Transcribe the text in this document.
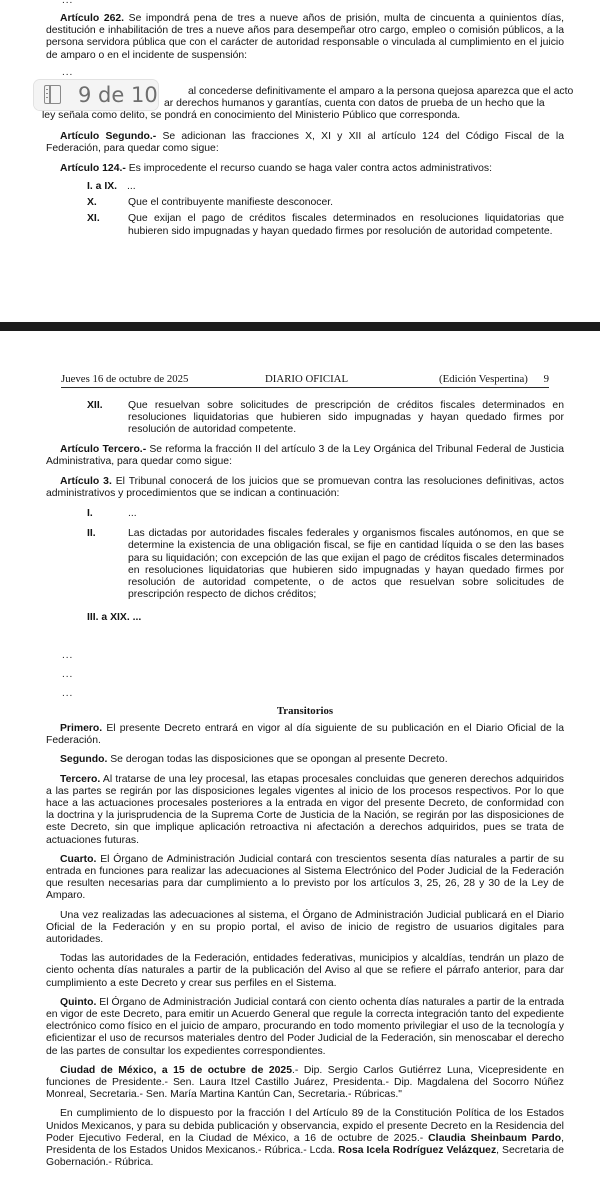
...

Artículo 262. Se impondrá pena de tres a nueve años de prisión, multa de cincuenta a quinientos días, destitución e inhabilitación de tres a nueve años para desempeñar otro cargo, empleo o comisión públicos, a la persona servidora pública que con el carácter de autoridad responsable o vinculada al cumplimiento en el juicio de amparo o en el incidente de suspensión:

...

al concederse definitivamente el amparo a la persona quejosa aparezca que el acto

ar derechos humanos y garantías, cuenta con datos de prueba de un hecho que la

ley señala como delito, se pondrá en conocimiento del Ministerio Público que corresponda.

Artículo Segundo.- Se adicionan las fracciones X, XI y XII al artículo 124 del Código Fiscal de la Federación, para quedar como sigue:

Artículo 124.- Es improcedente el recurso cuando se haga valer contra actos administrativos:

I. a IX. ...
X.	Que el contribuyente manifieste desconocer.
XI.	Que exijan el pago de créditos fiscales determinados en resoluciones liquidatorias que hubieren sido impugnadas y hayan quedado firmes por resolución de autoridad competente.
9 de 10
Jueves 16 de octubre de 2025	DIARIO OFICIAL	(Edición Vespertina) 9
XII.	Que resuelvan sobre solicitudes de prescripción de créditos fiscales determinados en resoluciones liquidatorias que hubieren sido impugnadas y hayan quedado firmes por resolución de autoridad competente.

Artículo Tercero.- Se reforma la fracción II del artículo 3 de la Ley Orgánica del Tribunal Federal de Justicia Administrativa, para quedar como sigue:

Artículo 3. El Tribunal conocerá de los juicios que se promuevan contra las resoluciones definitivas, actos administrativos y procedimientos que se indican a continuación:

I.	...
II.	Las dictadas por autoridades fiscales federales y organismos fiscales autónomos, en que se determine la existencia de una obligación fiscal, se fije en cantidad líquida o se den las bases para su liquidación; con excepción de las que exijan el pago de créditos fiscales determinados en resoluciones liquidatorias que hubieren sido impugnadas y hayan quedado firmes por resolución de autoridad competente, o de actos que resuelvan sobre solicitudes de prescripción respecto de dichos créditos;
III. a XIX. ...
...
...
...
Transitorios

Primero. El presente Decreto entrará en vigor al día siguiente de su publicación en el Diario Oficial de la Federación.

Segundo. Se derogan todas las disposiciones que se opongan al presente Decreto.

Tercero. Al tratarse de una ley procesal, las etapas procesales concluidas que generen derechos adquiridos a las partes se regirán por las disposiciones legales vigentes al inicio de los procesos respectivos. Por lo que hace a las actuaciones procesales posteriores a la entrada en vigor del presente Decreto, de conformidad con la doctrina y la jurisprudencia de la Suprema Corte de Justicia de la Nación, se regirán por las disposiciones de este Decreto, sin que implique aplicación retroactiva ni afectación a derechos adquiridos, pues se trata de actuaciones futuras.

Cuarto. El Órgano de Administración Judicial contará con trescientos sesenta días naturales a partir de su entrada en funciones para realizar las adecuaciones al Sistema Electrónico del Poder Judicial de la Federación que resulten necesarias para dar cumplimiento a lo previsto por los artículos 3, 25, 26, 28 y 30 de la Ley de Amparo.

Una vez realizadas las adecuaciones al sistema, el Órgano de Administración Judicial publicará en el Diario Oficial de la Federación y en su propio portal, el aviso de inicio de registro de usuarios digitales para autoridades.

Todas las autoridades de la Federación, entidades federativas, municipios y alcaldías, tendrán un plazo de ciento ochenta días naturales a partir de la publicación del Aviso al que se refiere el párrafo anterior, para dar cumplimiento a este Decreto y crear sus perfiles en el Sistema.

Quinto. El Órgano de Administración Judicial contará con ciento ochenta días naturales a partir de la entrada en vigor de este Decreto, para emitir un Acuerdo General que regule la correcta integración tanto del expediente electrónico como físico en el juicio de amparo, procurando en todo momento privilegiar el uso de la tecnología y eficientizar el uso de recursos materiales dentro del Poder Judicial de la Federación, sin menoscabar el derecho de las partes de consultar los expedientes correspondientes.

Ciudad de México, a 15 de octubre de 2025.- Dip. Sergio Carlos Gutiérrez Luna, Vicepresidente en funciones de Presidente.- Sen. Laura Itzel Castillo Juárez, Presidenta.- Dip. Magdalena del Socorro Núñez Monreal, Secretaria.- Sen. María Martina Kantún Can, Secretaria.- Rúbricas."

En cumplimiento de lo dispuesto por la fracción I del Artículo 89 de la Constitución Política de los Estados Unidos Mexicanos, y para su debida publicación y observancia, expido el presente Decreto en la Residencia del Poder Ejecutivo Federal, en la Ciudad de México, a 16 de octubre de 2025.- Claudia Sheinbaum Pardo, Presidenta de los Estados Unidos Mexicanos.- Rúbrica.- Lcda. Rosa Icela Rodríguez Velázquez, Secretaria de Gobernación.- Rúbrica.
